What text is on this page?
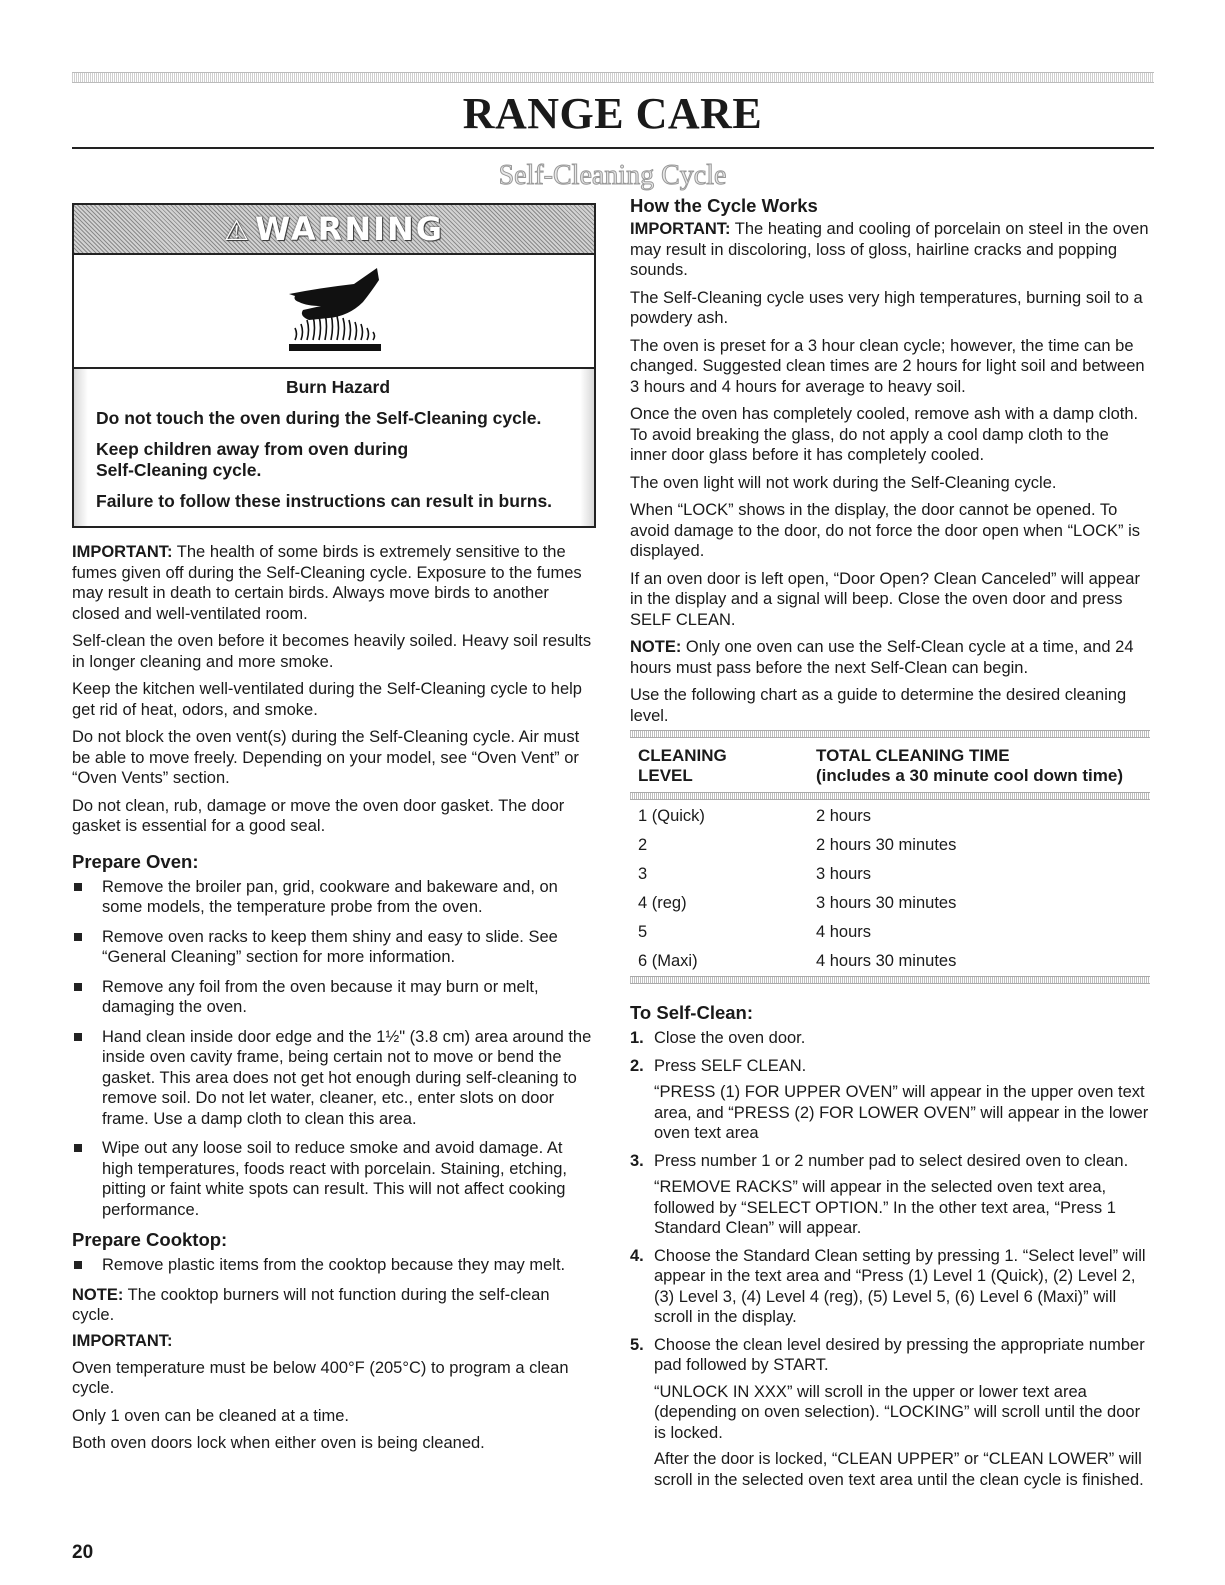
RANGE CARE
Self-Cleaning Cycle
⚠ WARNING

Burn Hazard

Do not touch the oven during the Self-Cleaning cycle.

Keep children away from oven during Self-Cleaning cycle.

Failure to follow these instructions can result in burns.

IMPORTANT: The health of some birds is extremely sensitive to the fumes given off during the Self-Cleaning cycle. Exposure to the fumes may result in death to certain birds. Always move birds to another closed and well-ventilated room.

Self-clean the oven before it becomes heavily soiled. Heavy soil results in longer cleaning and more smoke.

Keep the kitchen well-ventilated during the Self-Cleaning cycle to help get rid of heat, odors, and smoke.

Do not block the oven vent(s) during the Self-Cleaning cycle. Air must be able to move freely. Depending on your model, see “Oven Vent” or “Oven Vents” section.

Do not clean, rub, damage or move the oven door gasket. The door gasket is essential for a good seal.

Prepare Oven:

Remove the broiler pan, grid, cookware and bakeware and, on some models, the temperature probe from the oven.
Remove oven racks to keep them shiny and easy to slide. See “General Cleaning” section for more information.
Remove any foil from the oven because it may burn or melt, damaging the oven.
Hand clean inside door edge and the 1½" (3.8 cm) area around the inside oven cavity frame, being certain not to move or bend the gasket. This area does not get hot enough during self-cleaning to remove soil. Do not let water, cleaner, etc., enter slots on door frame. Use a damp cloth to clean this area.
Wipe out any loose soil to reduce smoke and avoid damage. At high temperatures, foods react with porcelain. Staining, etching, pitting or faint white spots can result. This will not affect cooking performance.

Prepare Cooktop:

Remove plastic items from the cooktop because they may melt.

NOTE: The cooktop burners will not function during the self-clean cycle.

IMPORTANT:

Oven temperature must be below 400°F (205°C) to program a clean cycle.

Only 1 oven can be cleaned at a time.

Both oven doors lock when either oven is being cleaned.

How the Cycle Works

IMPORTANT: The heating and cooling of porcelain on steel in the oven may result in discoloring, loss of gloss, hairline cracks and popping sounds.

The Self-Cleaning cycle uses very high temperatures, burning soil to a powdery ash.

The oven is preset for a 3 hour clean cycle; however, the time can be changed. Suggested clean times are 2 hours for light soil and between 3 hours and 4 hours for average to heavy soil.

Once the oven has completely cooled, remove ash with a damp cloth. To avoid breaking the glass, do not apply a cool damp cloth to the inner door glass before it has completely cooled.

The oven light will not work during the Self-Cleaning cycle.

When “LOCK” shows in the display, the door cannot be opened. To avoid damage to the door, do not force the door open when “LOCK” is displayed.

If an oven door is left open, “Door Open? Clean Canceled” will appear in the display and a signal will beep. Close the oven door and press SELF CLEAN.

NOTE: Only one oven can use the Self-Clean cycle at a time, and 24 hours must pass before the next Self-Clean can begin.

Use the following chart as a guide to determine the desired cleaning level.

CLEANING
LEVEL

TOTAL CLEANING TIME
(includes a 30 minute cool down time)
1 (Quick)	2 hours
2	2 hours 30 minutes
3	3 hours
4 (reg)	3 hours 30 minutes
5	4 hours
6 (Maxi)	4 hours 30 minutes

To Self-Clean:

1. Close the oven door.
2. Press SELF CLEAN.
“PRESS (1) FOR UPPER OVEN” will appear in the upper oven text area, and “PRESS (2) FOR LOWER OVEN” will appear in the lower oven text area
3. Press number 1 or 2 number pad to select desired oven to clean.
“REMOVE RACKS” will appear in the selected oven text area, followed by “SELECT OPTION.” In the other text area, “Press 1 Standard Clean” will appear.
4. Choose the Standard Clean setting by pressing 1. “Select level” will appear in the text area and “Press (1) Level 1 (Quick), (2) Level 2, (3) Level 3, (4) Level 4 (reg), (5) Level 5, (6) Level 6 (Maxi)” will scroll in the display.
5. Choose the clean level desired by pressing the appropriate number pad followed by START.
“UNLOCK IN XXX” will scroll in the upper or lower text area (depending on oven selection). “LOCKING” will scroll until the door is locked.
After the door is locked, “CLEAN UPPER” or “CLEAN LOWER” will scroll in the selected oven text area until the clean cycle is finished.
20
